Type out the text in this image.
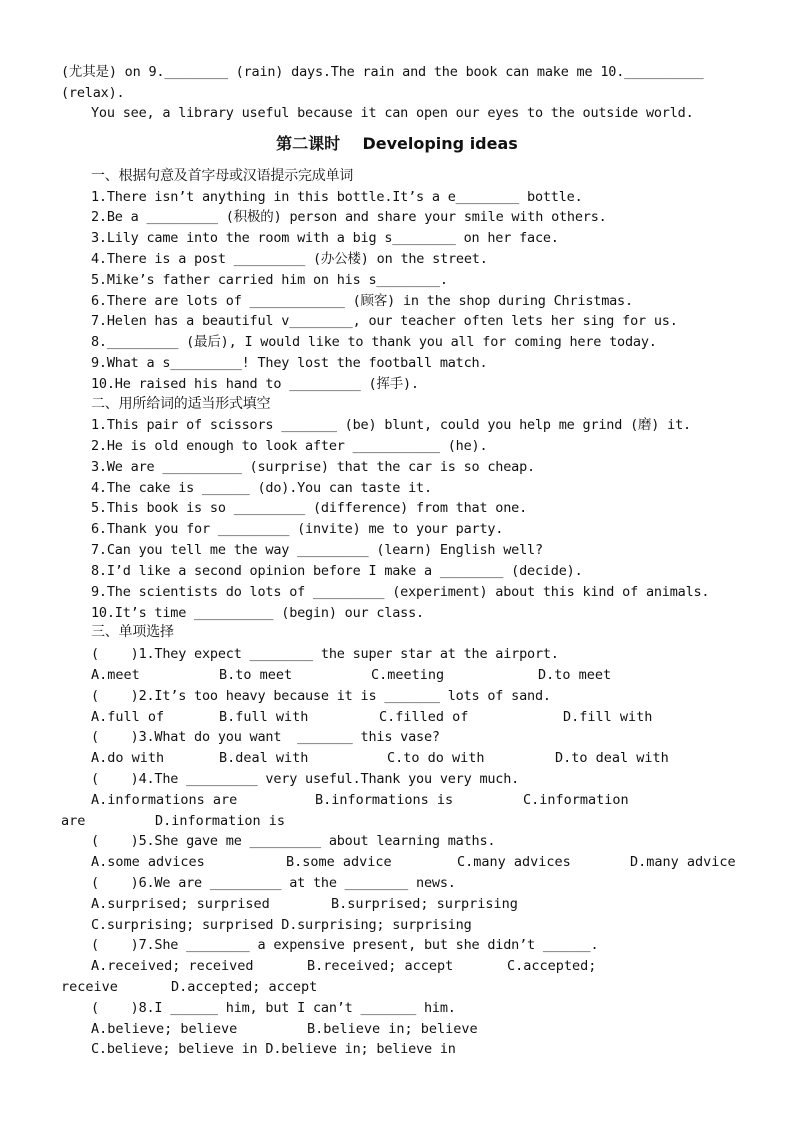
(尤其是) on 9.________ (rain) days.The rain and the book can make me 10.__________
(relax).
You see, a library useful because it can open our eyes to the outside world.
第二课时    Developing ideas
一、根据句意及首字母或汉语提示完成单词
1.There isn’t anything in this bottle.It’s a e________ bottle.
2.Be a _________ (积极的) person and share your smile with others.
3.Lily came into the room with a big s________ on her face.
4.There is a post _________ (办公楼) on the street.
5.Mike’s father carried him on his s________.
6.There are lots of ____________ (顾客) in the shop during Christmas.
7.Helen has a beautiful v________, our teacher often lets her sing for us.
8._________ (最后), I would like to thank you all for coming here today.
9.What a s_________! They lost the football match.
10.He raised his hand to _________ (挥手).
二、用所给词的适当形式填空
1.This pair of scissors _______ (be) blunt, could you help me grind (磨) it.
2.He is old enough to look after ___________ (he).
3.We are __________ (surprise) that the car is so cheap.
4.The cake is ______ (do).You can taste it.
5.This book is so _________ (difference) from that one.
6.Thank you for _________ (invite) me to your party.
7.Can you tell me the way _________ (learn) English well?
8.I’d like a second opinion before I make a ________ (decide).
9.The scientists do lots of _________ (experiment) about this kind of animals.
10.It’s time __________ (begin) our class.
三、单项选择
(    )1.They expect ________ the super star at the airport.

A.meet

	B.to meet

	C.meeting

	D.to meet

(    )2.It’s too heavy because it is _______ lots of sand.

A.full of

	B.full with

	C.filled of

	D.fill with

(    )3.What do you want  _______ this vase?

A.do with

	B.deal with

	C.to do with

	D.to deal with

(    )4.The _________ very useful.Thank you very much.

A.informations are

	B.informations is

	C.information

are

	D.information is

(    )5.She gave me _________ about learning maths.

A.some advices

	B.some advice

	C.many advices

	D.many advice

(    )6.We are _________ at the ________ news.

A.surprised; surprised

	B.surprised; surprising

C.surprising; surprised D.surprising; surprising
(    )7.She ________ a expensive present, but she didn’t ______.

A.received; received

	B.received; accept

	C.accepted;

receive

	D.accepted; accept

(    )8.I ______ him, but I can’t _______ him.

A.believe; believe

	B.believe in; believe

C.believe; believe in D.believe in; believe in
